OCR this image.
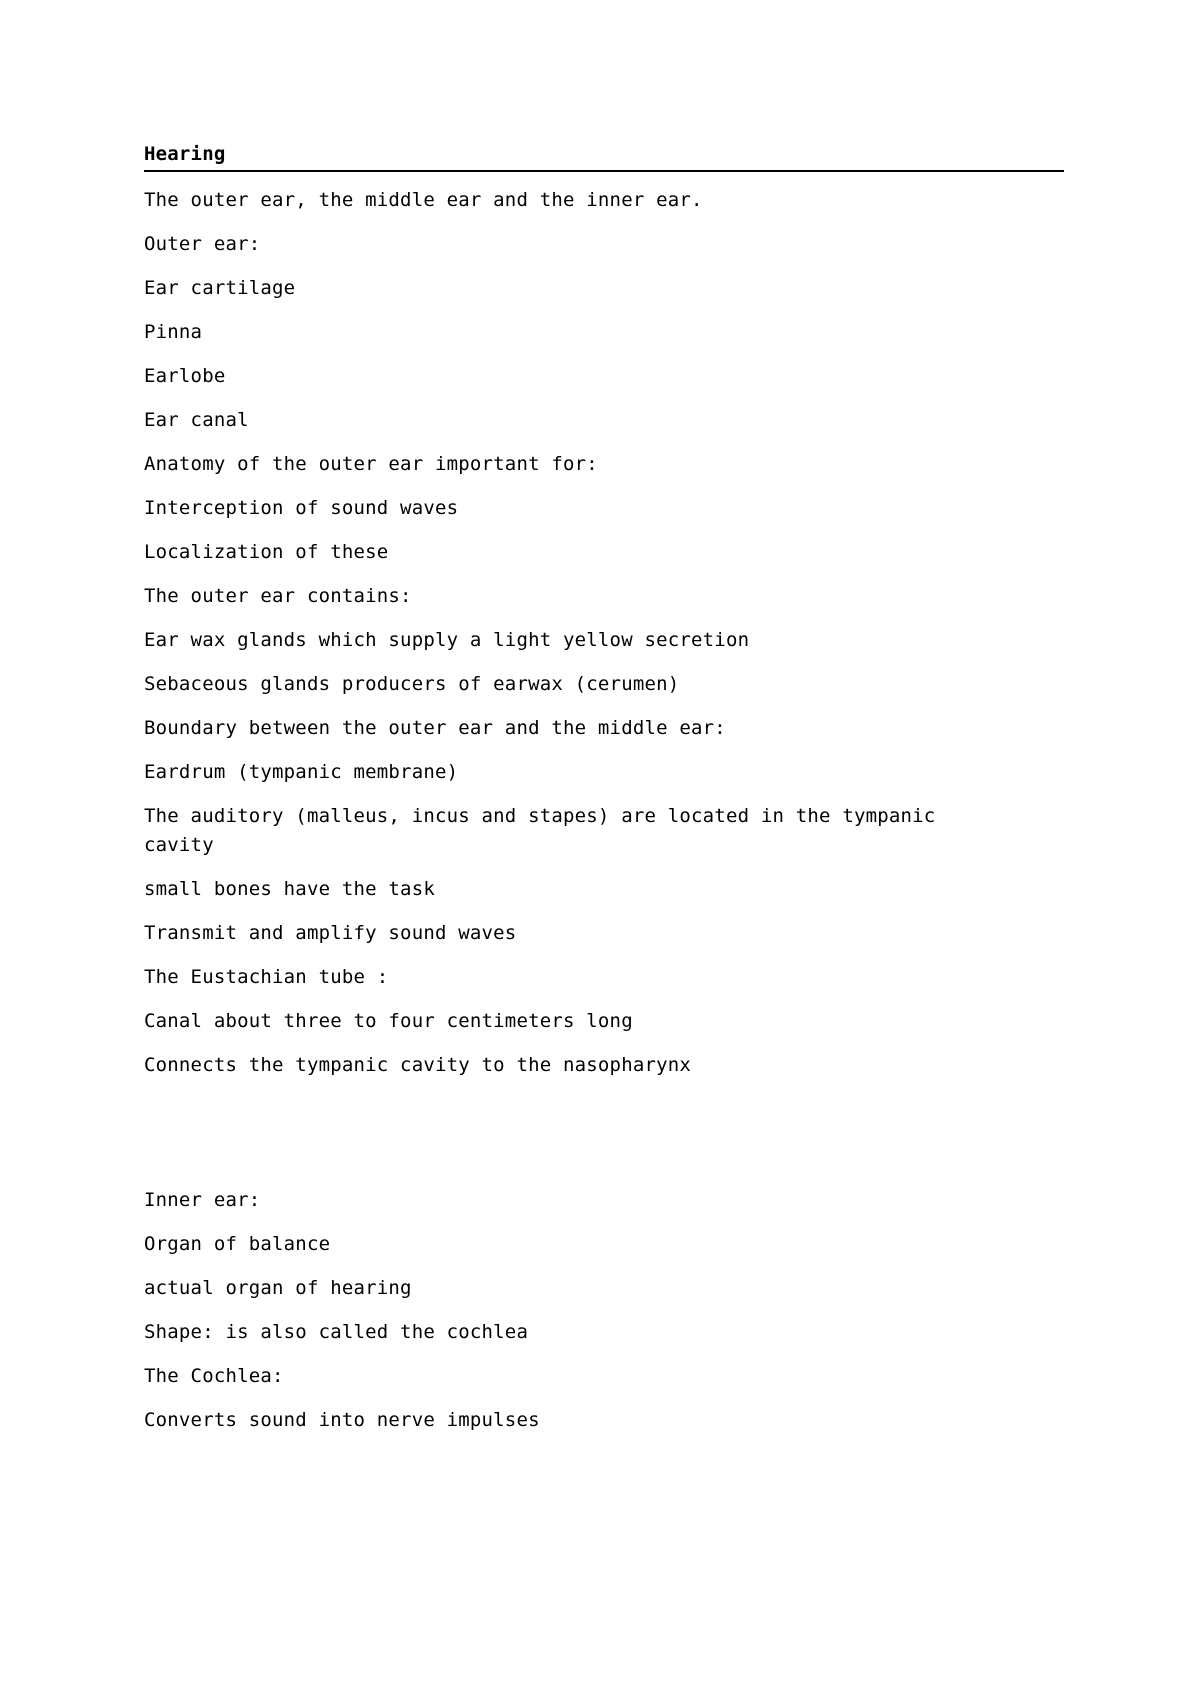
Hearing
The outer ear, the middle ear and the inner ear.
Outer ear:
Ear cartilage
Pinna
Earlobe
Ear canal
Anatomy of the outer ear important for:
Interception of sound waves
Localization of these
The outer ear contains:
Ear wax glands which supply a light yellow secretion
Sebaceous glands producers of earwax (cerumen)
Boundary between the outer ear and the middle ear:
Eardrum (tympanic membrane)
The auditory (malleus, incus and stapes) are located in the tympanic cavity
small bones have the task
Transmit and amplify sound waves
The Eustachian tube :
Canal about three to four centimeters long
Connects the tympanic cavity to the nasopharynx
Inner ear:
Organ of balance
actual organ of hearing
Shape: is also called the cochlea
The Cochlea:
Converts sound into nerve impulses
